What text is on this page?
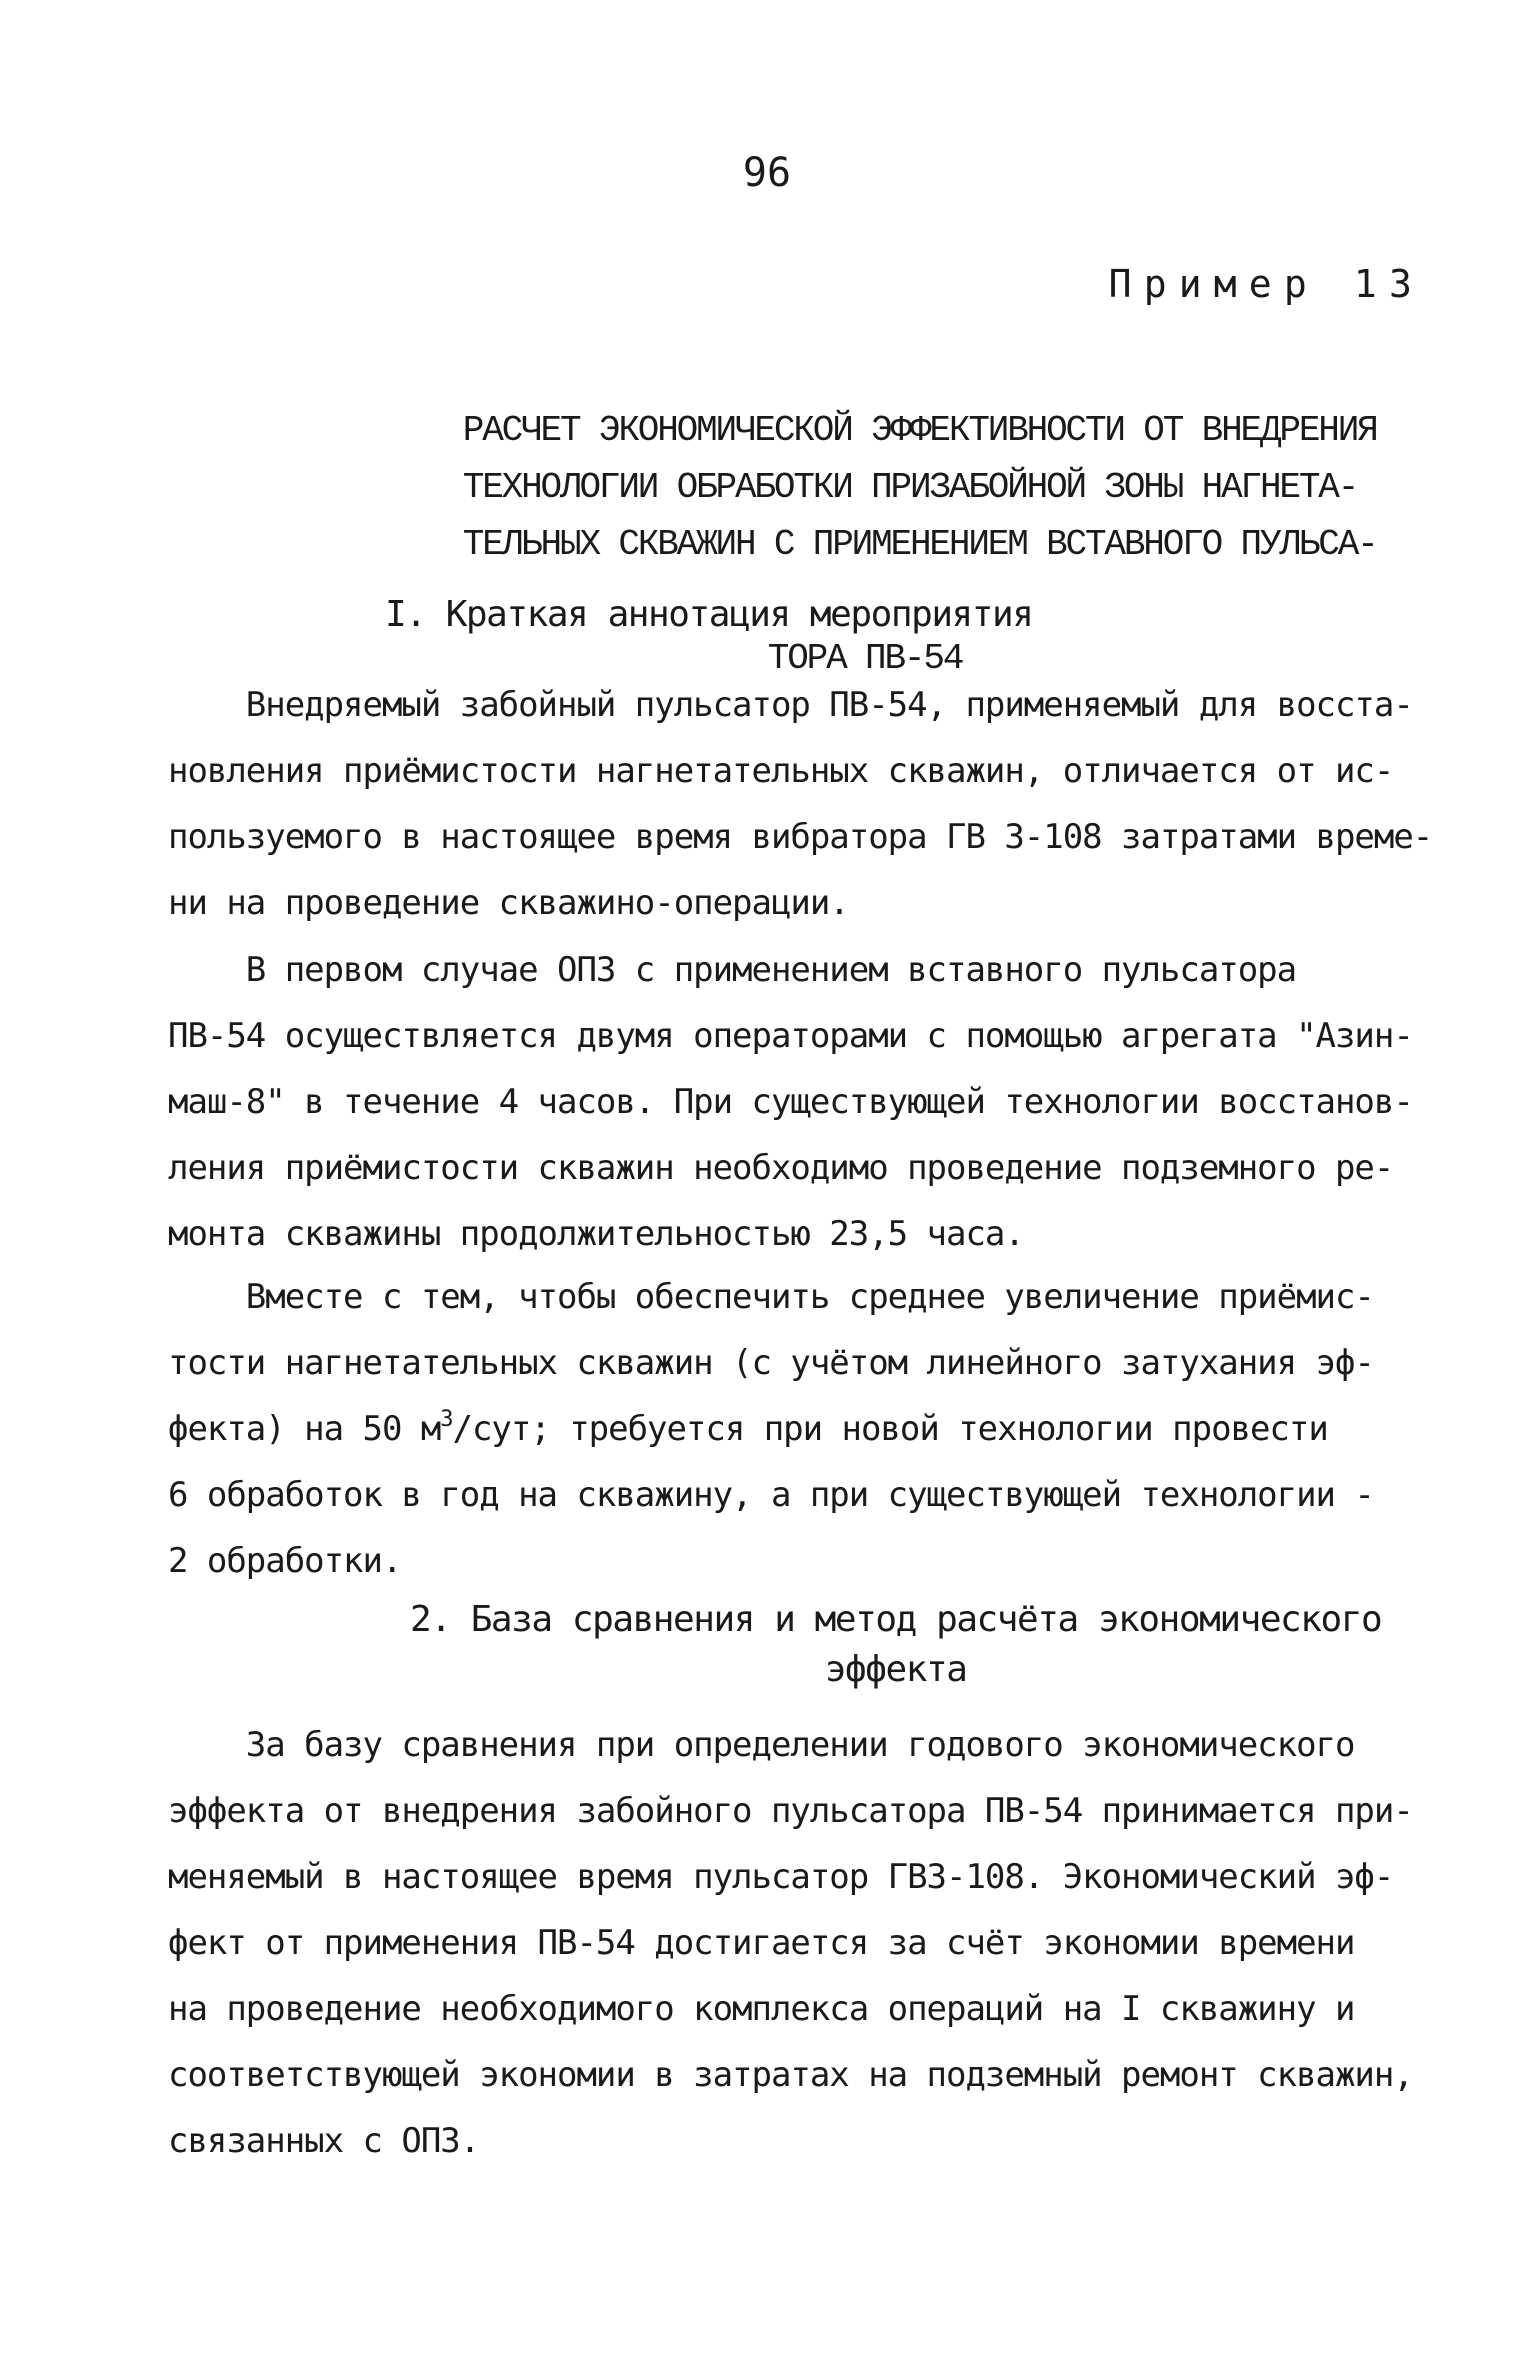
96
Пример 13

РАСЧЕТ ЭКОНОМИЧЕСКОЙ ЭФФЕКТИВНОСТИ ОТ ВНЕДРЕНИЯ
ТЕХНОЛОГИИ ОБРАБОТКИ ПРИЗАБОЙНОЙ ЗОНЫ НАГНЕТА-
ТЕЛЬНЫХ СКВАЖИН С ПРИМЕНЕНИЕМ ВСТАВНОГО ПУЛЬСА-

ТОРА ПВ-54

I. Краткая аннотация мероприятия
Внедряемый забойный пульсатор ПВ-54, применяемый для восста-
новления приёмистости нагнетательных скважин, отличается от ис-
пользуемого в настоящее время вибратора ГВ 3-108 затратами време-
ни на проведение скважино-операции.
В первом случае ОПЗ с применением вставного пульсатора
ПВ-54 осуществляется двумя операторами с помощью агрегата "Азин-
маш-8" в течение 4 часов. При существующей технологии восстанов-
ления приёмистости скважин необходимо проведение подземного ре-
монта скважины продолжительностью 23,5 часа.
Вместе с тем, чтобы обеспечить среднее увеличение приёмис-
тости нагнетательных скважин (с учётом линейного затухания эф-
фекта) на 50 $м^3$/сут; требуется при новой технологии провести
6 обработок в год на скважину, а при существующей технологии -
2 обработки.
2. База сравнения и метод расчёта экономического

эффекта
За базу сравнения при определении годового экономического
эффекта от внедрения забойного пульсатора ПВ-54 принимается при-
меняемый в настоящее время пульсатор ГВЗ-108. Экономический эф-
фект от применения ПВ-54 достигается за счёт экономии времени
на проведение необходимого комплекса операций на I скважину и
соответствующей экономии в затратах на подземный ремонт скважин,
связанных с ОПЗ.
